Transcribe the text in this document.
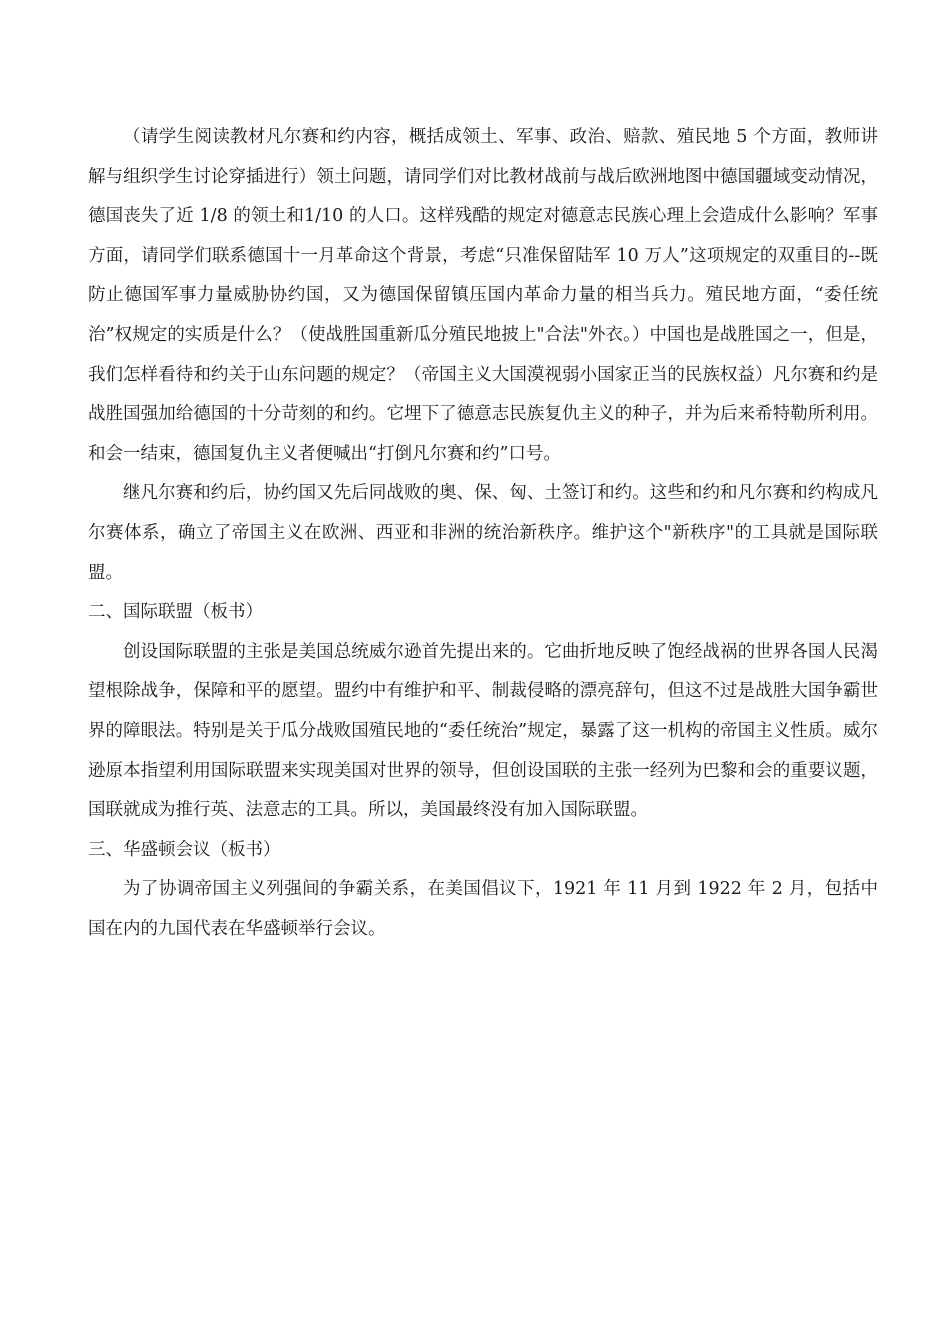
（请学生阅读教材凡尔赛和约内容，概括成领土、军事、政治、赔款、殖民地 5 个方面，教师讲解与组织学生讨论穿插进行）领土问题，请同学们对比教材战前与战后欧洲地图中德国疆域变动情况，德国丧失了近 1/8 的领土和1/10 的人口。这样残酷的规定对德意志民族心理上会造成什么影响？军事方面，请同学们联系德国十一月革命这个背景，考虑“只准保留陆军 10 万人”这项规定的双重目的--既防止德国军事力量威胁协约国，又为德国保留镇压国内革命力量的相当兵力。殖民地方面，“委任统治”权规定的实质是什么？（使战胜国重新瓜分殖民地披上"合法"外衣。）中国也是战胜国之一，但是，我们怎样看待和约关于山东问题的规定？（帝国主义大国漠视弱小国家正当的民族权益）凡尔赛和约是战胜国强加给德国的十分苛刻的和约。它埋下了德意志民族复仇主义的种子，并为后来希特勒所利用。和会一结束，德国复仇主义者便喊出“打倒凡尔赛和约”口号。

继凡尔赛和约后，协约国又先后同战败的奥、保、匈、土签订和约。这些和约和凡尔赛和约构成凡尔赛体系，确立了帝国主义在欧洲、西亚和非洲的统治新秩序。维护这个"新秩序"的工具就是国际联盟。

二、国际联盟（板书）

创设国际联盟的主张是美国总统威尔逊首先提出来的。它曲折地反映了饱经战祸的世界各国人民渴望根除战争，保障和平的愿望。盟约中有维护和平、制裁侵略的漂亮辞句，但这不过是战胜大国争霸世界的障眼法。特别是关于瓜分战败国殖民地的“委任统治”规定，暴露了这一机构的帝国主义性质。威尔逊原本指望利用国际联盟来实现美国对世界的领导，但创设国联的主张一经列为巴黎和会的重要议题，国联就成为推行英、法意志的工具。所以，美国最终没有加入国际联盟。

三、华盛顿会议（板书）

为了协调帝国主义列强间的争霸关系，在美国倡议下，1921 年 11 月到 1922 年 2 月，包括中国在内的九国代表在华盛顿举行会议。
